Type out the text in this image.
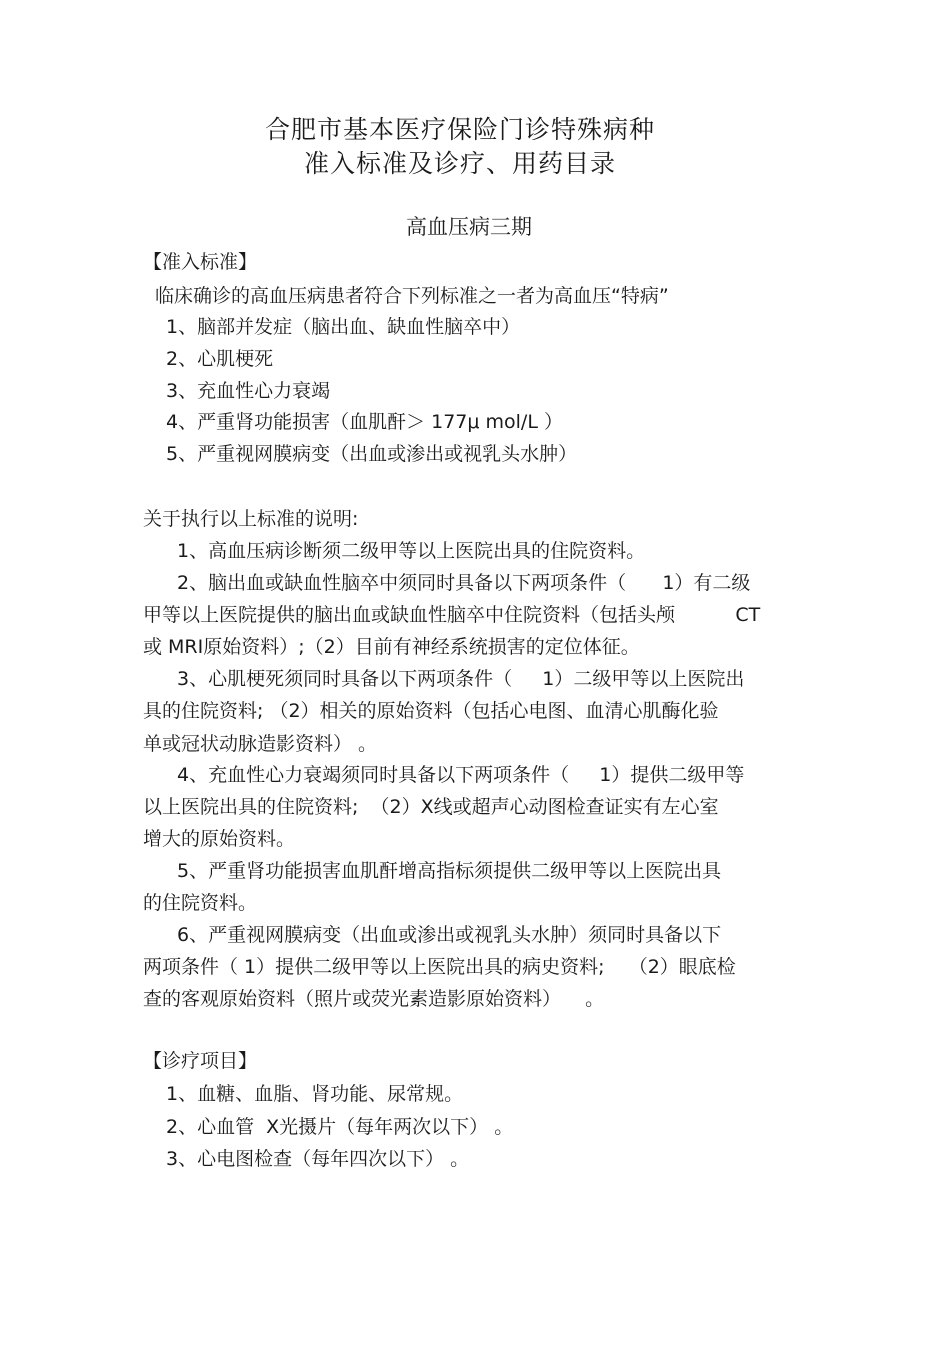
合肥市基本医疗保险门诊特殊病种
准入标准及诊疗、用药目录
高血压病三期
【准入标准】
临床确诊的高血压病患者符合下列标准之一者为高血压“特病”
1、脑部并发症（脑出血、缺血性脑卒中）
2、心肌梗死
3、充血性心力衰竭
4、严重肾功能损害（血肌酐＞ 177μ mol/L ）
5、严重视网膜病变（出血或渗出或视乳头水肿）
关于执行以上标准的说明:
1、高血压病诊断须二级甲等以上医院出具的住院资料。
2、脑出血或缺血性脑卒中须同时具备以下两项条件（      1）有二级
甲等以上医院提供的脑出血或缺血性脑卒中住院资料（包括头颅          CT
或 MRI原始资料）;（2）目前有神经系统损害的定位体征。
3、心肌梗死须同时具备以下两项条件（     1）二级甲等以上医院出
具的住院资料; （2）相关的原始资料（包括心电图、血清心肌酶化验
单或冠状动脉造影资料） 。
4、充血性心力衰竭须同时具备以下两项条件（     1）提供二级甲等
以上医院出具的住院资料;  （2）X线或超声心动图检查证实有左心室
增大的原始资料。
5、严重肾功能损害血肌酐增高指标须提供二级甲等以上医院出具
的住院资料。
6、严重视网膜病变（出血或渗出或视乳头水肿）须同时具备以下
两项条件（ 1）提供二级甲等以上医院出具的病史资料;    （2）眼底检
查的客观原始资料（照片或荧光素造影原始资料）    。
【诊疗项目】
1、血糖、血脂、肾功能、尿常规。
2、心血管  X光摄片（每年两次以下） 。
3、心电图检查（每年四次以下） 。
